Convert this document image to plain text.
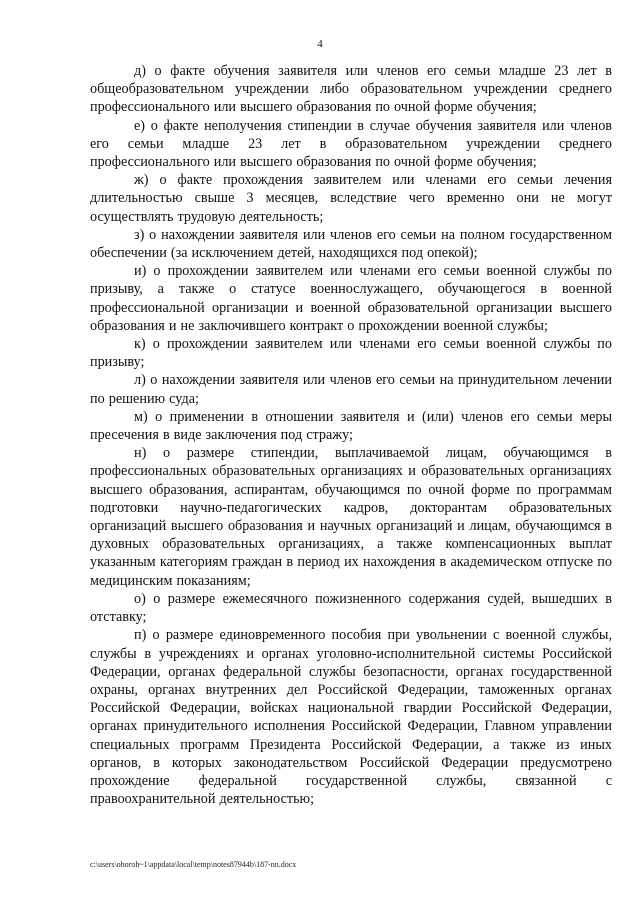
4

д) о факте обучения заявителя или членов его семьи младше 23 лет в общеобразовательном учреждении либо образовательном учреждении среднего профессионального или высшего образования по очной форме обучения;

е) о факте неполучения стипендии в случае обучения заявителя или членов его семьи младше 23 лет в образовательном учреждении среднего профессионального или высшего образования по очной форме обучения;

ж) о факте прохождения заявителем или членами его семьи лечения длительностью свыше 3 месяцев, вследствие чего временно они не могут осуществлять трудовую деятельность;

з) о нахождении заявителя или членов его семьи на полном государственном обеспечении (за исключением детей, находящихся под опекой);

и) о прохождении заявителем или членами его семьи военной службы по призыву, а также о статусе военнослужащего, обучающегося в военной профессиональной организации и военной образовательной организации высшего образования и не заключившего контракт о прохождении военной службы;

к) о прохождении заявителем или членами его семьи военной службы по призыву;

л) о нахождении заявителя или членов его семьи на принудительном лечении по решению суда;

м) о применении в отношении заявителя и (или) членов его семьи меры пресечения в виде заключения под стражу;

н) о размере стипендии, выплачиваемой лицам, обучающимся в профессиональных образовательных организациях и образовательных организациях высшего образования, аспирантам, обучающимся по очной форме по программам подготовки научно-педагогических кадров, докторантам образовательных организаций высшего образования и научных организаций и лицам, обучающимся в духовных образовательных организациях, а также компенсационных выплат указанным категориям граждан в период их нахождения в академическом отпуске по медицинским показаниям;

о) о размере ежемесячного пожизненного содержания судей, вышедших в отставку;

п) о размере единовременного пособия при увольнении с военной службы, службы в учреждениях и органах уголовно-исполнительной системы Российской Федерации, органах федеральной службы безопасности, органах государственной охраны, органах внутренних дел Российской Федерации, таможенных органах Российской Федерации, войсках национальной гвардии Российской Федерации, органах принудительного исполнения Российской Федерации, Главном управлении специальных программ Президента Российской Федерации, а также из иных органов, в которых законодательством Российской Федерации предусмотрено прохождение федеральной государственной службы, связанной с правоохранительной деятельностью;

c:\users\ohoroh~1\appdata\local\temp\notes87944b\187-nn.docx
